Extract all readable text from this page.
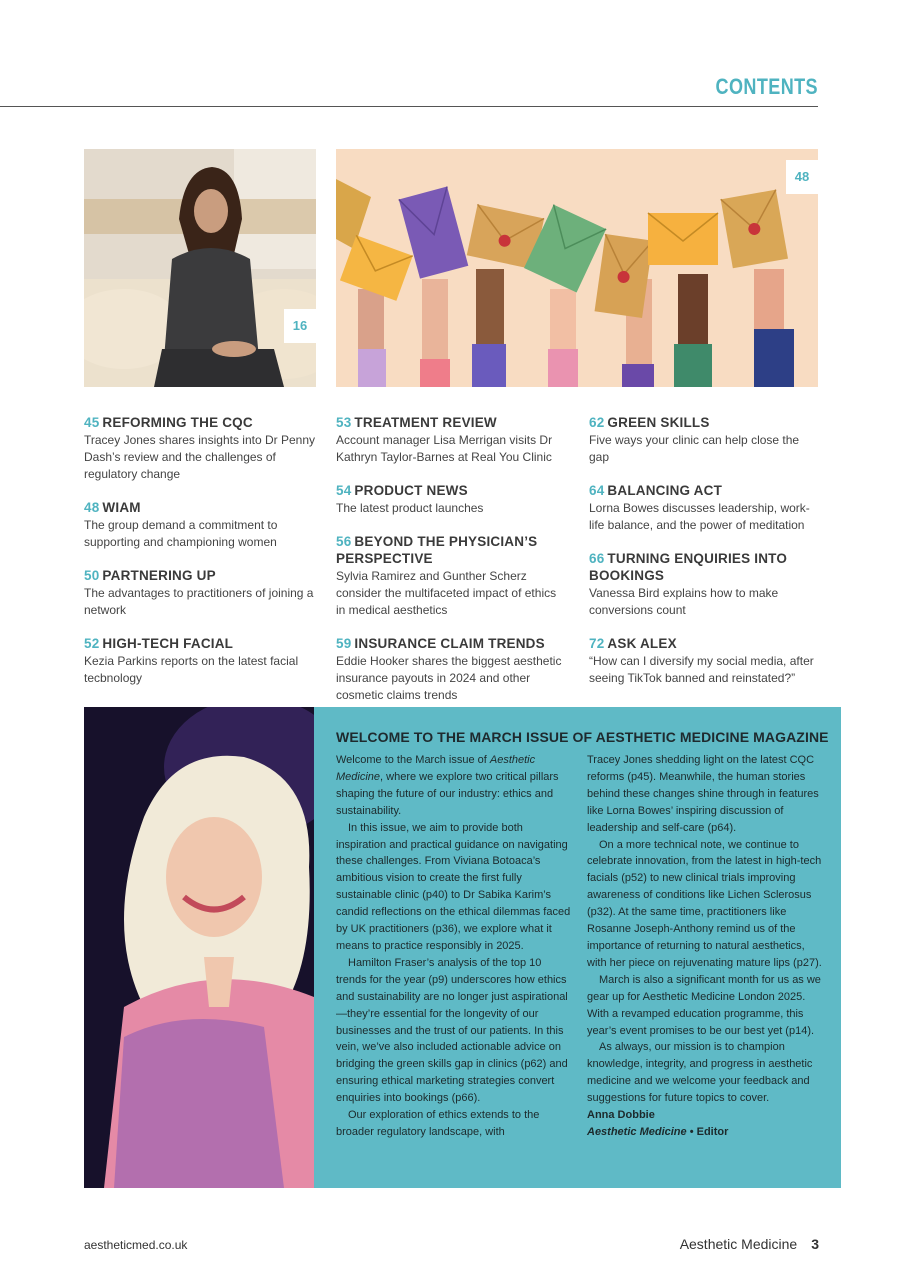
CONTENTS
16
48
45 REFORMING THE CQC
Tracey Jones shares insights into Dr Penny Dash’s review and the challenges of regulatory change
48 WIAM
The group demand a commitment to supporting and championing women
50 PARTNERING UP
The advantages to practitioners of joining a network
52 HIGH-TECH FACIAL
Kezia Parkins reports on the latest facial tecbnology
53 TREATMENT REVIEW
Account manager Lisa Merrigan visits Dr Kathryn Taylor-Barnes at Real You Clinic
54 PRODUCT NEWS
The latest product launches
56 BEYOND THE PHYSICIAN’S PERSPECTIVE
Sylvia Ramirez and Gunther Scherz consider the multifaceted impact of ethics in medical aesthetics
59 INSURANCE CLAIM TRENDS
Eddie Hooker shares the biggest aesthetic insurance payouts in 2024 and other cosmetic claims trends
62 GREEN SKILLS
Five ways your clinic can help close the gap
64 BALANCING ACT
Lorna Bowes discusses leadership, work-life balance, and the power of meditation
66 TURNING ENQUIRIES INTO BOOKINGS
Vanessa Bird explains how to make conversions count
72 ASK ALEX
“How can I diversify my social media, after seeing TikTok banned and reinstated?”
WELCOME TO THE MARCH ISSUE OF AESTHETIC MEDICINE MAGAZINE

Welcome to the March issue of Aesthetic Medicine, where we explore two critical pillars shaping the future of our industry: ethics and sustainability.

In this issue, we aim to provide both inspiration and practical guidance on navigating these challenges. From Viviana Botoaca’s ambitious vision to create the first fully sustainable clinic (p40) to Dr Sabika Karim’s candid reflections on the ethical dilemmas faced by UK practitioners (p36), we explore what it means to practice responsibly in 2025.

Hamilton Fraser’s analysis of the top 10 trends for the year (p9) underscores how ethics and sustainability are no longer just aspirational—they’re essential for the longevity of our businesses and the trust of our patients. In this vein, we’ve also included actionable advice on bridging the green skills gap in clinics (p62) and ensuring ethical marketing strategies convert enquiries into bookings (p66).

Our exploration of ethics extends to the broader regulatory landscape, with

Tracey Jones shedding light on the latest CQC reforms (p45). Meanwhile, the human stories behind these changes shine through in features like Lorna Bowes’ inspiring discussion of leadership and self-care (p64).

On a more technical note, we continue to celebrate innovation, from the latest in high-tech facials (p52) to new clinical trials improving awareness of conditions like Lichen Sclerosus (p32). At the same time, practitioners like Rosanne Joseph-Anthony remind us of the importance of returning to natural aesthetics, with her piece on rejuvenating mature lips (p27).

March is also a significant month for us as we gear up for Aesthetic Medicine London 2025. With a revamped education programme, this year’s event promises to be our best yet (p14).

As always, our mission is to champion knowledge, integrity, and progress in aesthetic medicine and we welcome your feedback and suggestions for future topics to cover.

Anna Dobbie

Aesthetic Medicine • Editor

aestheticmed.co.uk	Aesthetic Medicine 3
